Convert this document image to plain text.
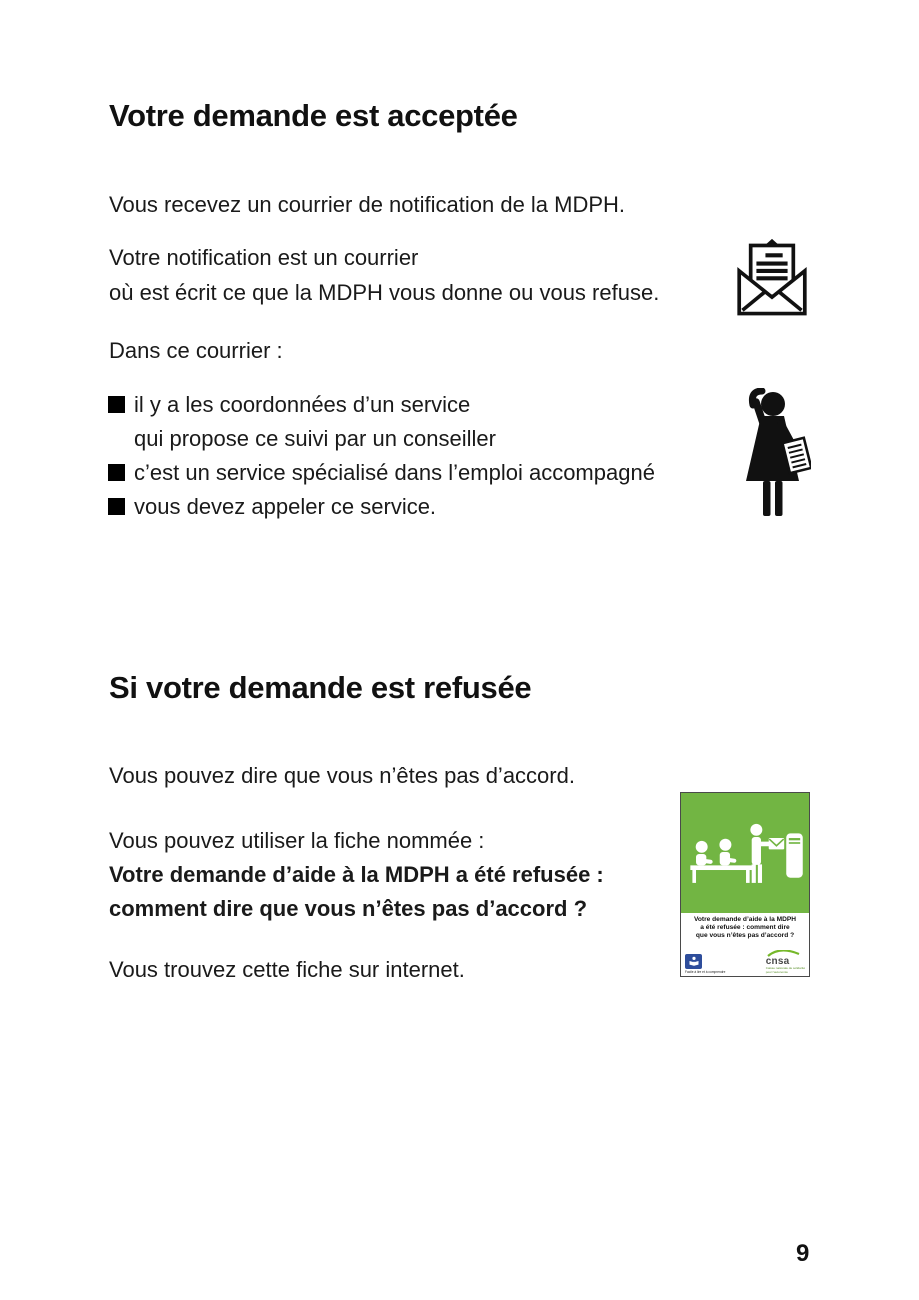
Votre demande est acceptée
Vous recevez un courrier de notification de la MDPH.
Votre notification est un courrier
où est écrit ce que la MDPH vous donne ou vous refuse.
Dans ce courrier :
il y a les coordonnées d’un service
qui propose ce suivi par un conseiller
c’est un service spécialisé dans l’emploi accompagné
vous devez appeler ce service.
Si votre demande est refusée
Vous pouvez dire que vous n’êtes pas d’accord.
Vous pouvez utiliser la fiche nommée :
Votre demande d’aide à la MDPH a été refusée :
comment dire que vous n’êtes pas d’accord ?
Vous trouvez cette fiche sur internet.
Votre demande d’aide à la MDPH
a été refusée : comment dire
que vous n’êtes pas d’accord ?
Facile à lire et à comprendre
cnsa
Caisse nationale de solidarité
pour l’autonomie
9
